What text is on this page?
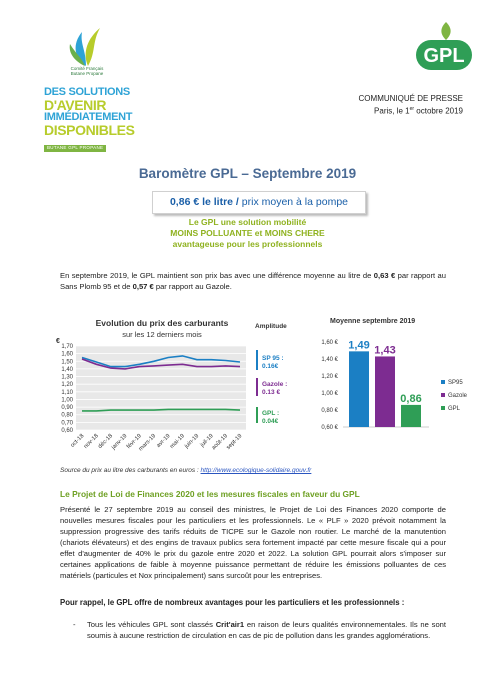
Comité Français
Butane Propane
GPL
DES SOLUTIONS
D'AVENIR
IMMÉDIATEMENT
DISPONIBLES
BUTANE GPL PROPANE
COMMUNIQUÉ DE PRESSE
Paris, le 1er octobre 2019
Baromètre GPL – Septembre 2019
0,86 € le litre / prix moyen à la pompe
Le GPL une solution mobilité
MOINS POLLUANTE et MOINS CHERE
avantageuse pour les professionnels
En septembre 2019, le GPL maintient son prix bas avec une différence moyenne au litre de 0,63 € par rapport au Sans Plomb 95 et de 0,57 € par rapport au Gazole.
Evolution du prix des carburants
sur les 12 derniers mois
0,60
0,70
0,80
0,90
1,00
1,10
1,20
1,30
1,40
1,50
1,60
1,70
€
oct-18
nov-18
déc-18
janv-19
févr-19
mars-19
avr-19
mai-19
juin-19 juil-19
août-19
sept-19
Amplitude
SP 95 :
0.16€
Gazole :
0.13 €
GPL :
0.04€
Moyenne septembre 2019
0,60 €
0,80 €
1,00 €
1,20 €
1,40 €
1,60 € 1,49 1,43
0,86
SP95
Gazole
GPL
Source du prix au litre des carburants en euros : http://www.ecologique-solidaire.gouv.fr
Le Projet de Loi de Finances 2020 et les mesures fiscales en faveur du GPL
Présenté le 27 septembre 2019 au conseil des ministres, le Projet de Loi des Finances 2020 comporte de nouvelles mesures fiscales pour les particuliers et les professionnels. Le « PLF » 2020 prévoit notamment la suppression progressive des tarifs réduits de TICPE sur le Gazole non routier. Le marché de la manutention (chariots élévateurs) et des engins de travaux publics sera fortement impacté par cette mesure fiscale qui a pour effet d'augmenter de 40% le prix du gazole entre 2020 et 2022. La solution GPL pourrait alors s'imposer sur certaines applications de faible à moyenne puissance permettant de réduire les émissions polluantes de ces matériels (particules et Nox principalement) sans surcoût pour les entreprises.
Pour rappel, le GPL offre de nombreux avantages pour les particuliers et les professionnels :
- Tous les véhicules GPL sont classés Crit'air1 en raison de leurs qualités environnementales. Ils ne sont soumis à aucune restriction de circulation en cas de pic de pollution dans les grandes agglomérations.
